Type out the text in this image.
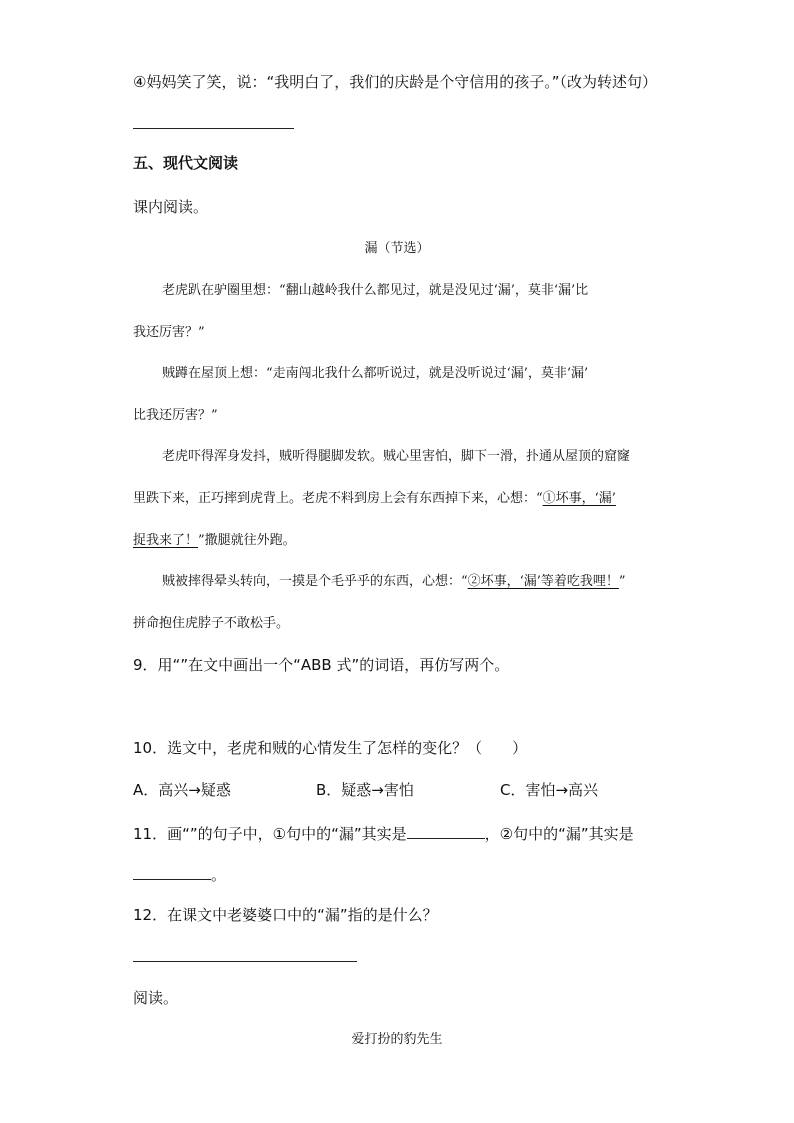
④妈妈笑了笑，说：“我明白了，我们的庆龄是个守信用的孩子。”（改为转述句）
五、现代文阅读
课内阅读。
漏（节选）
老虎趴在驴圈里想：“翻山越岭我什么都见过，就是没见过‘漏’，莫非‘漏’比
我还厉害？”
贼蹲在屋顶上想：“走南闯北我什么都听说过，就是没听说过‘漏’，莫非‘漏’
比我还厉害？”
老虎吓得浑身发抖，贼听得腿脚发软。贼心里害怕，脚下一滑，扑通从屋顶的窟窿
里跌下来，正巧摔到虎背上。老虎不料到房上会有东西掉下来，心想：“①坏事，‘漏’
捉我来了！”撒腿就往外跑。
贼被摔得晕头转向，一摸是个毛乎乎的东西，心想：“②坏事，‘漏’等着吃我哩！”
拼命抱住虎脖子不敢松手。
9．用“”在文中画出一个“ABB 式”的词语，再仿写两个。
10．选文中，老虎和贼的心情发生了怎样的变化？（　　）
A．高兴→疑惑	B．疑惑→害怕	C．害怕→高兴
11．画“”的句子中，①句中的“漏”其实是	，②句中的“漏”其实是
。
12．在课文中老婆婆口中的“漏”指的是什么？
阅读。
爱打扮的豹先生
